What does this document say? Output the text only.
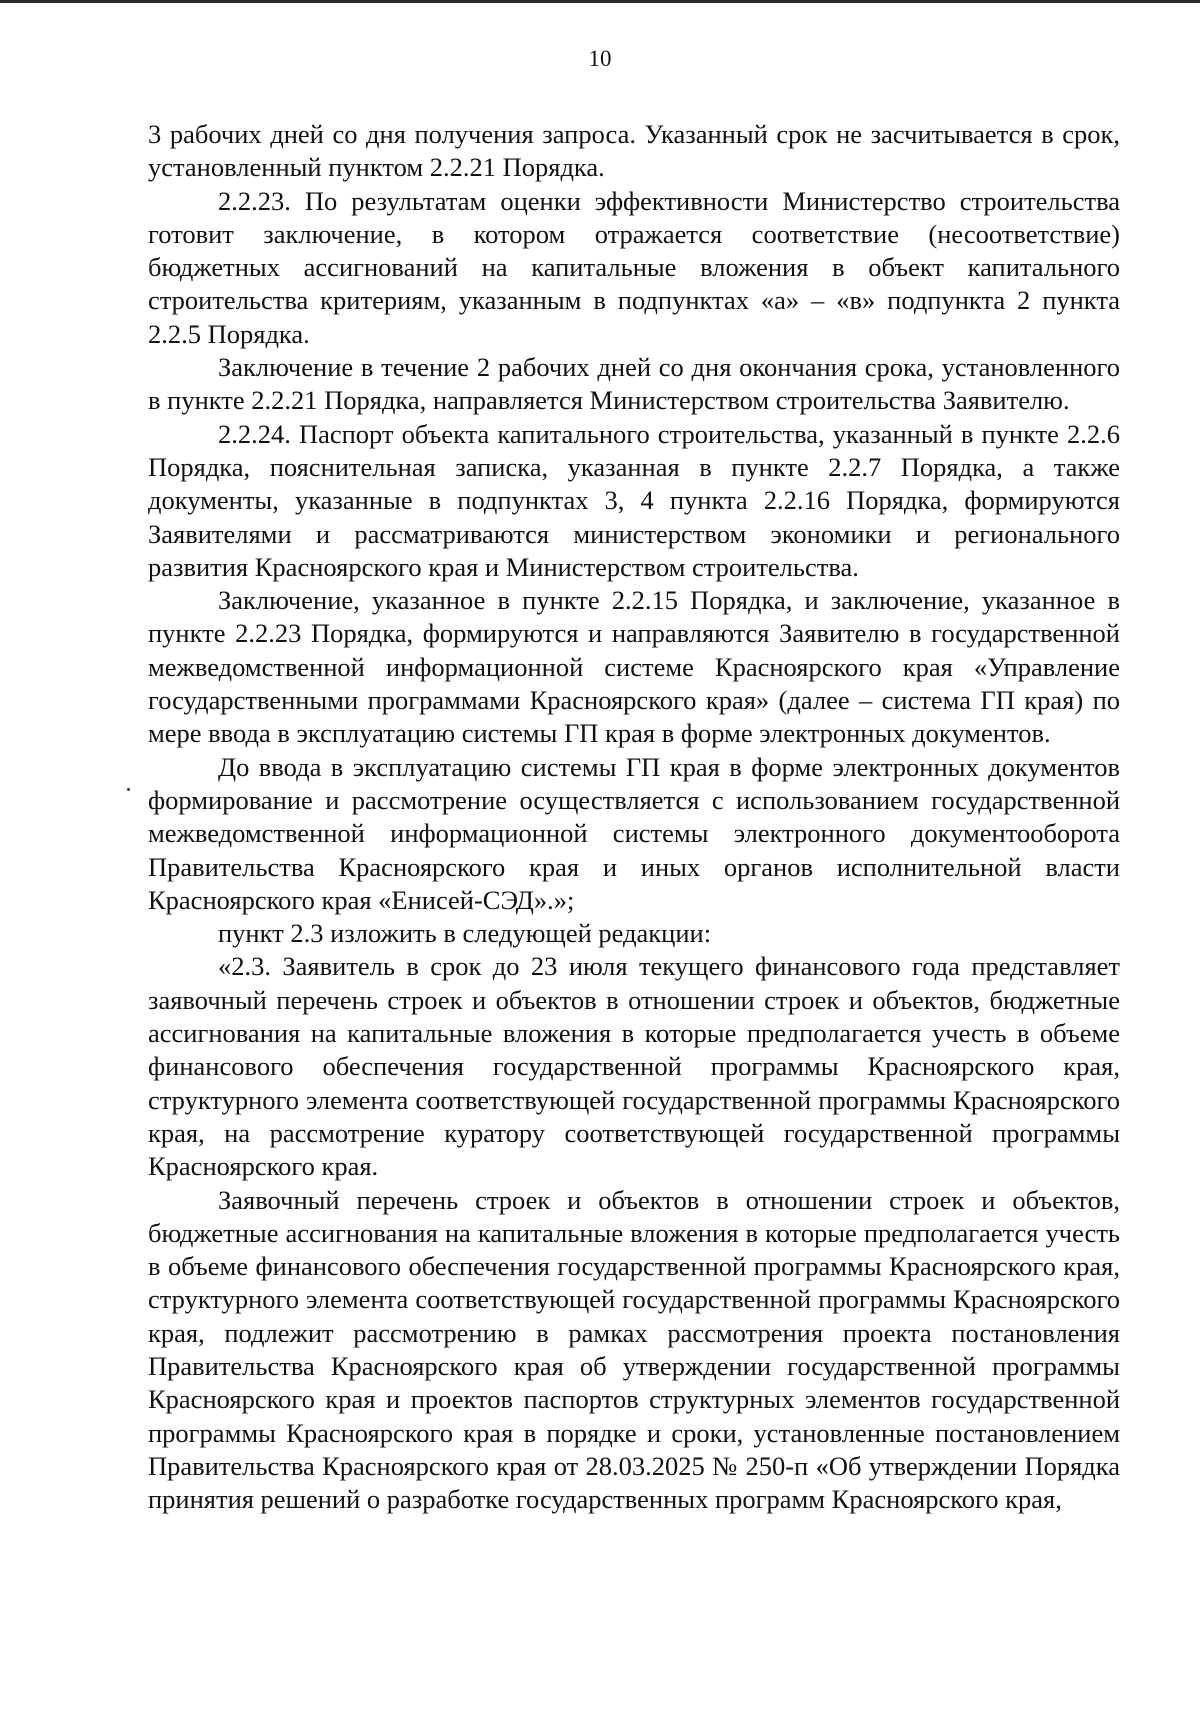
10

3 рабочих дней со дня получения запроса. Указанный срок не засчитывается в срок, установленный пунктом 2.2.21 Порядка.

2.2.23. По результатам оценки эффективности Министерство строительства готовит заключение, в котором отражается соответствие (несоответствие) бюджетных ассигнований на капитальные вложения в объект капитального строительства критериям, указанным в подпунктах «а» – «в» подпункта 2 пункта 2.2.5 Порядка.

Заключение в течение 2 рабочих дней со дня окончания срока, установленного в пункте 2.2.21 Порядка, направляется Министерством строительства Заявителю.

2.2.24. Паспорт объекта капитального строительства, указанный в пункте 2.2.6 Порядка, пояснительная записка, указанная в пункте 2.2.7 Порядка, а также документы, указанные в подпунктах 3, 4 пункта 2.2.16 Порядка, формируются Заявителями и рассматриваются министерством экономики и регионального развития Красноярского края и Министерством строительства.

Заключение, указанное в пункте 2.2.15 Порядка, и заключение, указанное в пункте 2.2.23 Порядка, формируются и направляются Заявителю в государственной межведомственной информационной системе Красноярского края «Управление государственными программами Красноярского края» (далее – система ГП края) по мере ввода в эксплуатацию системы ГП края в форме электронных документов.

До ввода в эксплуатацию системы ГП края в форме электронных документов формирование и рассмотрение осуществляется с использованием государственной межведомственной информационной системы электронного документооборота Правительства Красноярского края и иных органов исполнительной власти Красноярского края «Енисей-СЭД».»;

пункт 2.3 изложить в следующей редакции:

«2.3. Заявитель в срок до 23 июля текущего финансового года представляет заявочный перечень строек и объектов в отношении строек и объектов, бюджетные ассигнования на капитальные вложения в которые предполагается учесть в объеме финансового обеспечения государственной программы Красноярского края, структурного элемента соответствующей государственной программы Красноярского края, на рассмотрение куратору соответствующей государственной программы Красноярского края.

Заявочный перечень строек и объектов в отношении строек и объектов, бюджетные ассигнования на капитальные вложения в которые предполагается учесть в объеме финансового обеспечения государственной программы Красноярского края, структурного элемента соответствующей государственной программы Красноярского края, подлежит рассмотрению в рамках рассмотрения проекта постановления Правительства Красноярского края об утверждении государственной программы Красноярского края и проектов паспортов структурных элементов государственной программы Красноярского края в порядке и сроки, установленные постановлением Правительства Красноярского края от 28.03.2025 № 250-п «Об утверждении Порядка принятия решений о разработке государственных программ Красноярского края,
